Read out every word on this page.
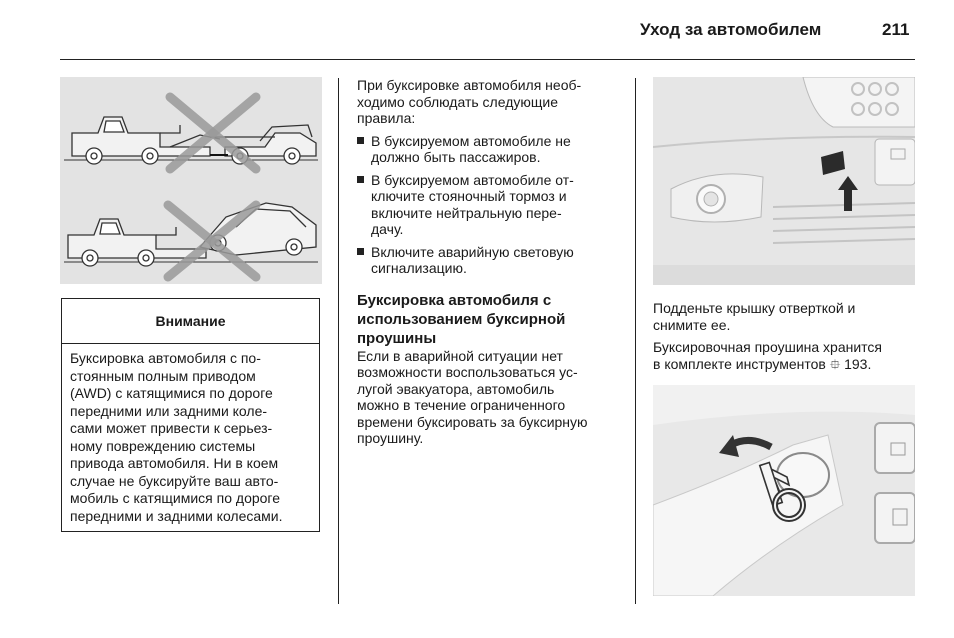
Уход за автомобилем	211
Внимание
Буксировка автомобиля с по-
стоянным полным приводом
(AWD) с катящимися по дороге
передними или задними коле-
сами может привести к серьез-
ному повреждению системы
привода автомобиля. Ни в коем
случае не буксируйте ваш авто-
мобиль с катящимися по дороге
передними и задними колесами.
При буксировке автомобиля необ-
ходимо соблюдать следующие
правила:
В буксируемом автомобиле не
должно быть пассажиров.
В буксируемом автомобиле от-
ключите стояночный тормоз и
включите нейтральную пере-
дачу.
Включите аварийную световую
сигнализацию.
Буксировка автомобиля с
использованием буксирной
проушины
Если в аварийной ситуации нет
возможности воспользоваться ус-
лугой эвакуатора, автомобиль
можно в течение ограниченного
времени буксировать за буксирную
проушину.
Подденьте крышку отверткой и
снимите ее.
Буксировочная проушина хранится
в комплекте инструментов ⯐ 193.
